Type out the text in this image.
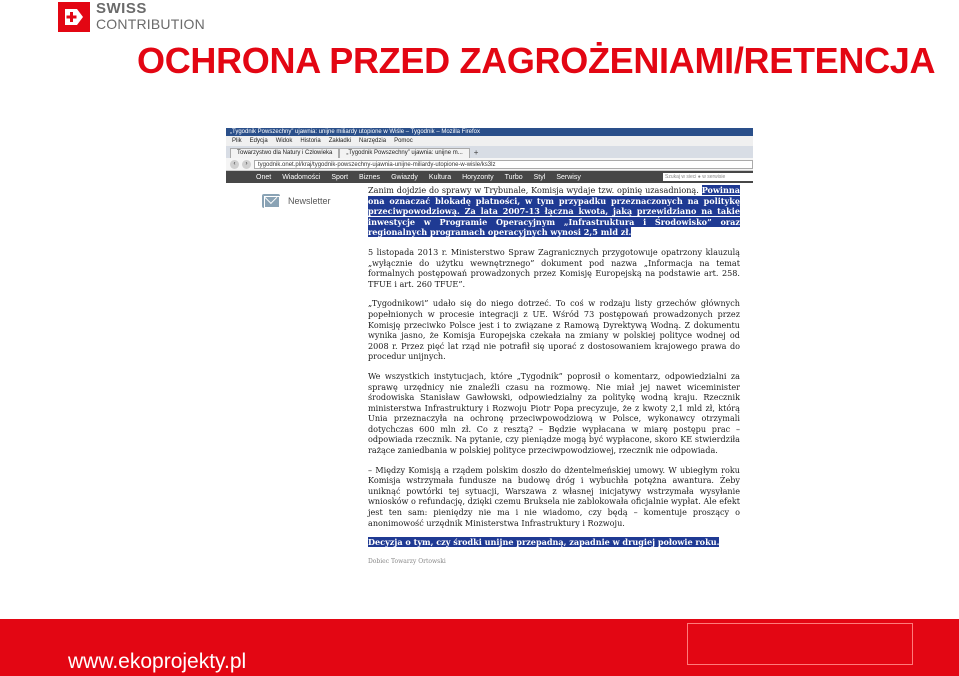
SWISS
CONTRIBUTION
OCHRONA PRZED ZAGROŻENIAMI/RETENCJA
„Tygodnik Powszechny” ujawnia: unijne miliardy utopione w Wiśle – Tygodnik – Mozilla Firefox
Plik Edycja Widok Historia Zakładki Narzędzia Pomoc
Towarzystwo dla Natury i Człowieka	„Tygodnik Powszechny” ujawnia: unijne m...	+
‹	›	tygodnik.onet.pl/kraj/tygodnik-powszechny-ujawnia-unijne-miliardy-utopione-w-wisle/ks3lz
Onet Wiadomości Sport Biznes Gwiazdy Kultura Horyzonty Turbo Styl Serwisy	Szukaj w sieci ● w serwisie
Newsletter

Zanim dojdzie do sprawy w Trybunale, Komisja wydaje tzw. opinię uzasadnioną. Powinna ona oznaczać blokadę płatności, w tym przypadku przeznaczonych na politykę przeciwpowodziową. Za lata 2007-13 łączna kwota, jaką przewidziano na takie inwestycje w Programie Operacyjnym „Infrastruktura i Środowisko” oraz regionalnych programach operacyjnych wynosi 2,5 mld zł.

5 listopada 2013 r. Ministerstwo Spraw Zagranicznych przygotowuje opatrzony klauzulą „wyłącznie do użytku wewnętrznego” dokument pod nazwa „Informacja na temat formalnych postępowań prowadzonych przez Komisję Europejską na podstawie art. 258. TFUE i art. 260 TFUE”.

„Tygodnikowi” udało się do niego dotrzeć. To coś w rodzaju listy grzechów głównych popełnionych w procesie integracji z UE. Wśród 73 postępowań prowadzonych przez Komisję przeciwko Polsce jest i to związane z Ramową Dyrektywą Wodną. Z dokumentu wynika jasno, że Komisja Europejska czekała na zmiany w polskiej polityce wodnej od 2008 r. Przez pięć lat rząd nie potrafił się uporać z dostosowaniem krajowego prawa do procedur unijnych.

We wszystkich instytucjach, które „Tygodnik” poprosił o komentarz, odpowiedzialni za sprawę urzędnicy nie znaleźli czasu na rozmowę. Nie miał jej nawet wiceminister środowiska Stanisław Gawłowski, odpowiedzialny za politykę wodną kraju. Rzecznik ministerstwa Infrastruktury i Rozwoju Piotr Popa precyzuje, że z kwoty 2,1 mld zł, którą Unia przeznaczyła na ochronę przeciwpowodziową w Polsce, wykonawcy otrzymali dotychczas 600 mln zł. Co z resztą? – Będzie wypłacana w miarę postępu prac – odpowiada rzecznik. Na pytanie, czy pieniądze mogą być wypłacone, skoro KE stwierdziła rażące zaniedbania w polskiej polityce przeciwpowodziowej, rzecznik nie odpowiada.

– Między Komisją a rządem polskim doszło do dżentelmeńskiej umowy. W ubiegłym roku Komisja wstrzymała fundusze na budowę dróg i wybuchła potężna awantura. Żeby uniknąć powtórki tej sytuacji, Warszawa z własnej inicjatywy wstrzymała wysyłanie wniosków o refundację, dzięki czemu Bruksela nie zablokowała oficjalnie wypłat. Ale efekt jest ten sam: pieniędzy nie ma i nie wiadomo, czy będą – komentuje proszący o anonimowość urzędnik Ministerstwa Infrastruktury i Rozwoju.

Decyzja o tym, czy środki unijne przepadną, zapadnie w drugiej połowie roku.

Dobiec Towarzy Ortowski

www.ekoprojekty.pl
